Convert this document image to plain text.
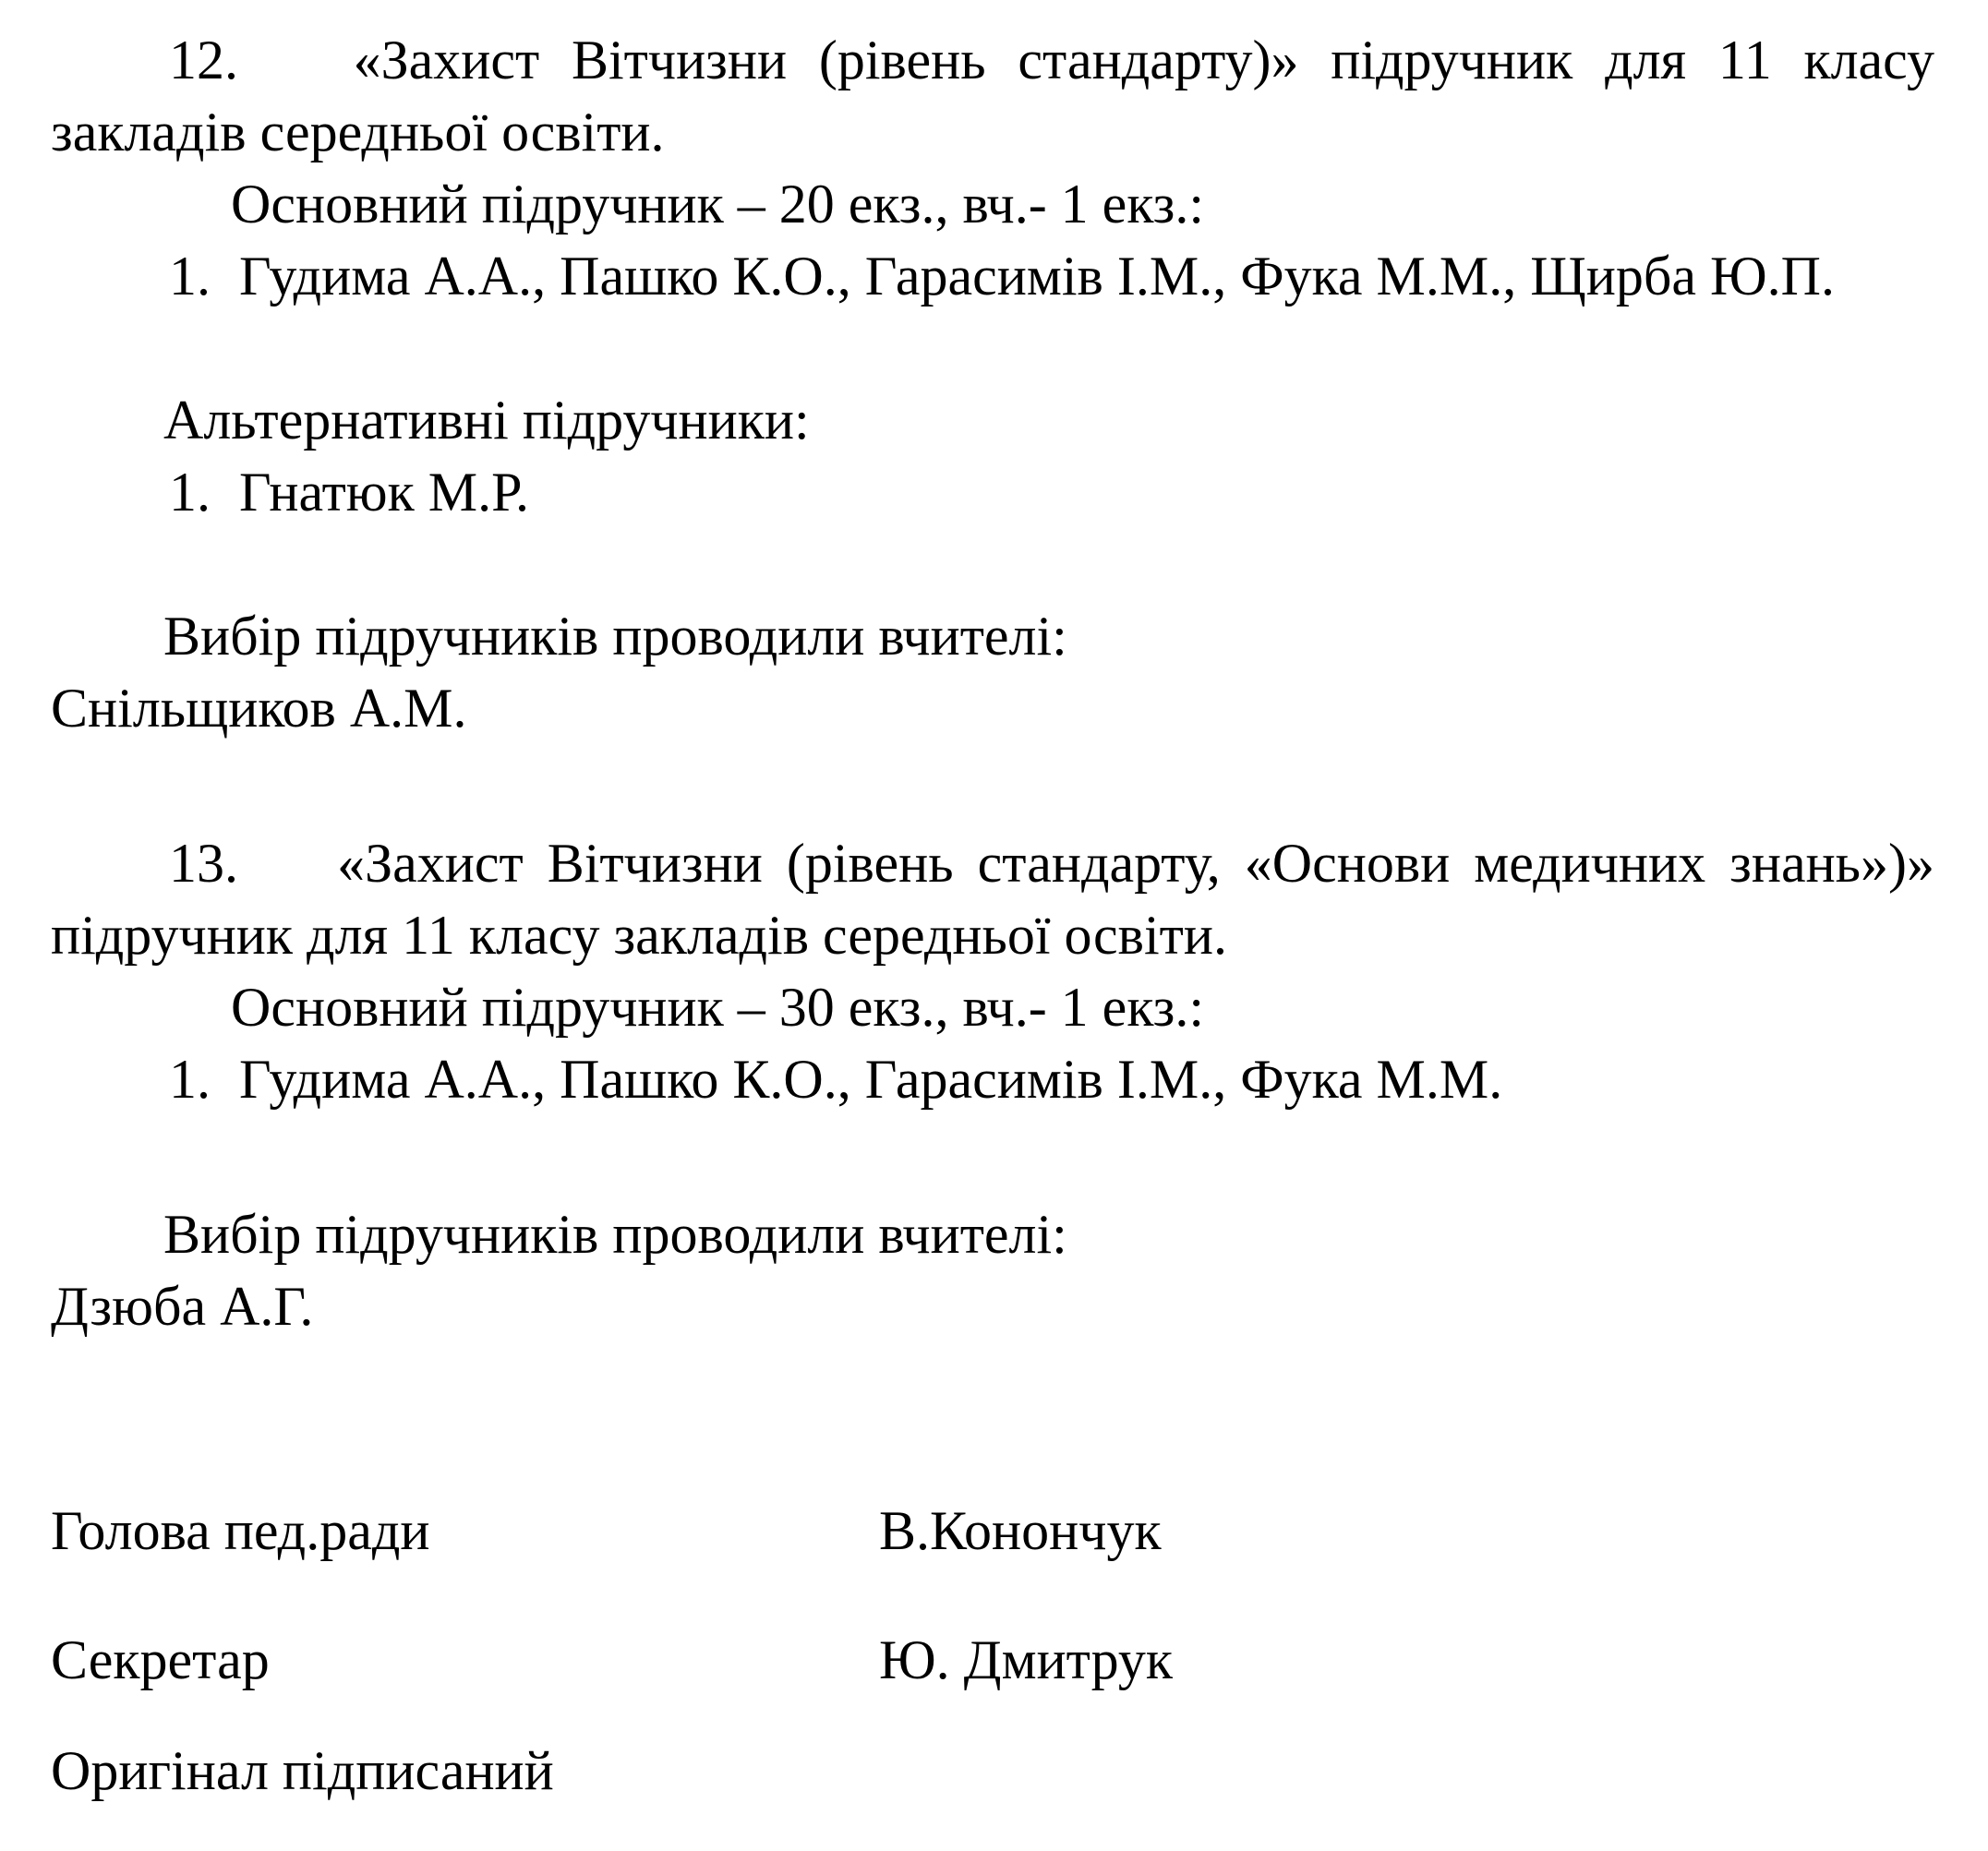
12. «Захист Вітчизни (рівень стандарту)» підручник для 11 класу

закладів середньої освіти.

Основний підручник – 20 екз., вч.- 1 екз.:

1. Гудима А.А., Пашко К.О., Гарасимів І.М., Фука М.М., Щирба Ю.П.

Альтернативні підручники:

1. Гнатюк М.Р.

Вибір підручників проводили вчителі:

Снільщиков А.М.

13. «Захист Вітчизни (рівень стандарту, «Основи медичних знань»)»

підручник для 11 класу закладів середньої освіти.

Основний підручник – 30 екз., вч.- 1 екз.:

1. Гудима А.А., Пашко К.О., Гарасимів І.М., Фука М.М.

Вибір підручників проводили вчителі:

Дзюба А.Г.

Голова пед.ради	В.Конончук

Секретар	Ю. Дмитрук

Оригінал підписаний
